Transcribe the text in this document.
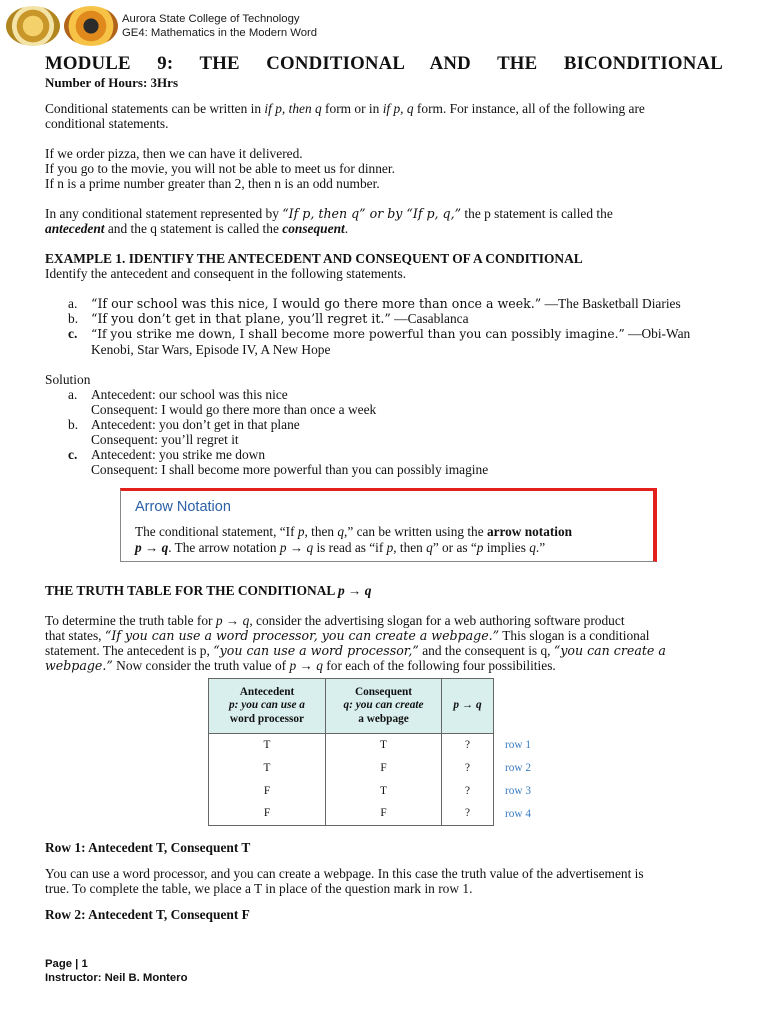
Aurora State College of Technology
GE4: Mathematics in the Modern Word
MODULE 9: THE CONDITIONAL AND THE BICONDITIONAL
Number of Hours: 3Hrs
Conditional statements can be written in if p, then q form or in if p, q form. For instance, all of the following are
conditional statements.
If we order pizza, then we can have it delivered.
If you go to the movie, you will not be able to meet us for dinner.
If n is a prime number greater than 2, then n is an odd number.
In any conditional statement represented by “If p, then q” or by “If p, q,” the p statement is called the
antecedent and the q statement is called the consequent.
EXAMPLE 1. IDENTIFY THE ANTECEDENT AND CONSEQUENT OF A CONDITIONAL
Identify the antecedent and consequent in the following statements.
a. “If our school was this nice, I would go there more than once a week.” —The Basketball Diaries
b. “If you don’t get in that plane, you’ll regret it.” —Casablanca
c. “If you strike me down, I shall become more powerful than you can possibly imagine.” —Obi-Wan
Kenobi, Star Wars, Episode IV, A New Hope
Solution
a. Antecedent: our school was this nice
Consequent: I would go there more than once a week
b. Antecedent: you don’t get in that plane
Consequent: you’ll regret it
c. Antecedent: you strike me down
Consequent: I shall become more powerful than you can possibly imagine
Arrow Notation
The conditional statement, “If p, then q,” can be written using the arrow notation
p → q. The arrow notation p → q is read as “if p, then q” or as “p implies q.”
THE TRUTH TABLE FOR THE CONDITIONAL p → q
To determine the truth table for p → q, consider the advertising slogan for a web authoring software product
that states, “If you can use a word processor, you can create a webpage.” This slogan is a conditional
statement. The antecedent is p, “you can use a word processor,” and the consequent is q, “you can create a
webpage.” Now consider the truth value of p → q for each of the following four possibilities.
Antecedent
p: you can use a
word processor	Consequent
q: you can create
a webpage	p → q
T	T	?
T	F	?
F	T	?
F	F	?
row 1
row 2
row 3
row 4
Row 1: Antecedent T, Consequent T
You can use a word processor, and you can create a webpage. In this case the truth value of the advertisement is
true. To complete the table, we place a T in place of the question mark in row 1.
Row 2: Antecedent T, Consequent F
Page | 1
Instructor: Neil B. Montero
